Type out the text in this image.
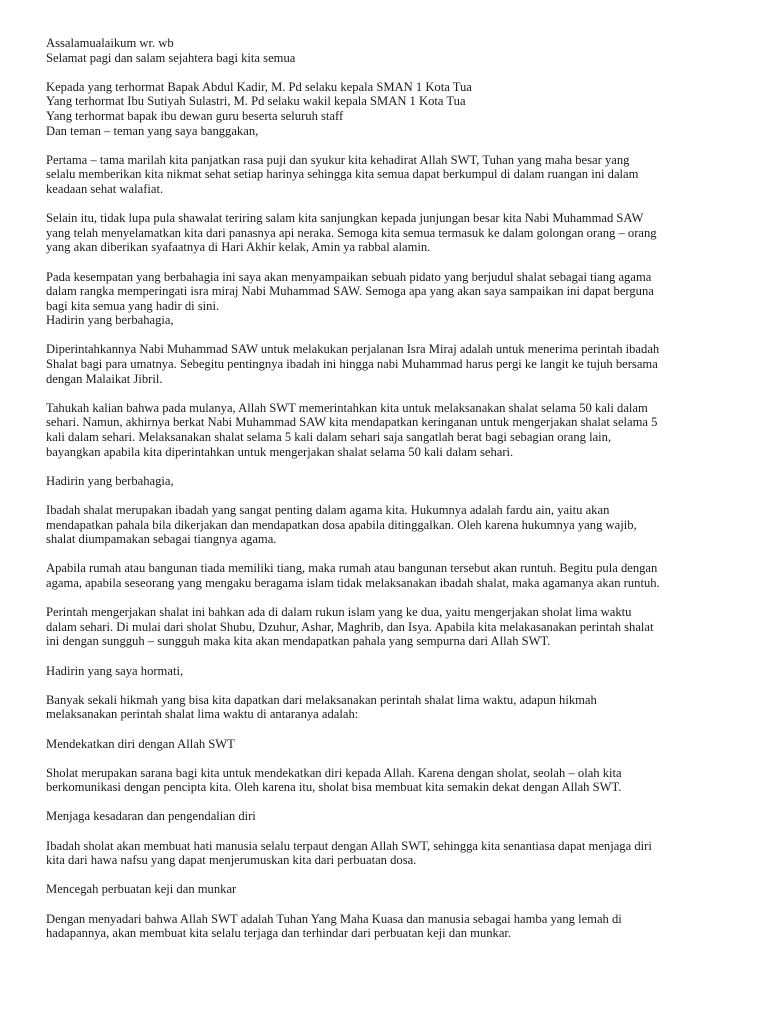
Assalamualaikum wr. wb
Selamat pagi dan salam sejahtera bagi kita semua

Kepada yang terhormat Bapak Abdul Kadir, M. Pd selaku kepala SMAN 1 Kota Tua
Yang terhormat Ibu Sutiyah Sulastri, M. Pd selaku wakil kepala SMAN 1 Kota Tua
Yang terhormat bapak ibu dewan guru beserta seluruh staff
Dan teman – teman yang saya banggakan,

Pertama – tama marilah kita panjatkan rasa puji dan syukur kita kehadirat Allah SWT, Tuhan yang maha besar yang
selalu memberikan kita nikmat sehat setiap harinya sehingga kita semua dapat berkumpul di dalam ruangan ini dalam
keadaan sehat walafiat.

Selain itu, tidak lupa pula shawalat teriring salam kita sanjungkan kepada junjungan besar kita Nabi Muhammad SAW
yang telah menyelamatkan kita dari panasnya api neraka. Semoga kita semua termasuk ke dalam golongan orang – orang
yang akan diberikan syafaatnya di Hari Akhir kelak, Amin ya rabbal alamin.

Pada kesempatan yang berbahagia ini saya akan menyampaikan sebuah pidato yang berjudul shalat sebagai tiang agama
dalam rangka memperingati isra miraj Nabi Muhammad SAW. Semoga apa yang akan saya sampaikan ini dapat berguna
bagi kita semua yang hadir di sini.
Hadirin yang berbahagia,

Diperintahkannya Nabi Muhammad SAW untuk melakukan perjalanan Isra Miraj adalah untuk menerima perintah ibadah
Shalat bagi para umatnya. Sebegitu pentingnya ibadah ini hingga nabi Muhammad harus pergi ke langit ke tujuh bersama
dengan Malaikat Jibril.

Tahukah kalian bahwa pada mulanya, Allah SWT memerintahkan kita untuk melaksanakan shalat selama 50 kali dalam
sehari. Namun, akhirnya berkat Nabi Muhammad SAW kita mendapatkan keringanan untuk mengerjakan shalat selama 5
kali dalam sehari. Melaksanakan shalat selama 5 kali dalam sehari saja sangatlah berat bagi sebagian orang lain,
bayangkan apabila kita diperintahkan untuk mengerjakan shalat selama 50 kali dalam sehari.

Hadirin yang berbahagia,

Ibadah shalat merupakan ibadah yang sangat penting dalam agama kita. Hukumnya adalah fardu ain, yaitu akan
mendapatkan pahala bila dikerjakan dan mendapatkan dosa apabila ditinggalkan. Oleh karena hukumnya yang wajib,
shalat diumpamakan sebagai tiangnya agama.

Apabila rumah atau bangunan tiada memiliki tiang, maka rumah atau bangunan tersebut akan runtuh. Begitu pula dengan
agama, apabila seseorang yang mengaku beragama islam tidak melaksanakan ibadah shalat, maka agamanya akan runtuh.

Perintah mengerjakan shalat ini bahkan ada di dalam rukun islam yang ke dua, yaitu mengerjakan sholat lima waktu
dalam sehari. Di mulai dari sholat Shubu, Dzuhur, Ashar, Maghrib, dan Isya. Apabila kita melakasanakan perintah shalat
ini dengan sungguh – sungguh maka kita akan mendapatkan pahala yang sempurna dari Allah SWT.

Hadirin yang saya hormati,

Banyak sekali hikmah yang bisa kita dapatkan dari melaksanakan perintah shalat lima waktu, adapun hikmah
melaksanakan perintah shalat lima waktu di antaranya adalah:

Mendekatkan diri dengan Allah SWT

Sholat merupakan sarana bagi kita untuk mendekatkan diri kepada Allah. Karena dengan sholat, seolah – olah kita
berkomunikasi dengan pencipta kita. Oleh karena itu, sholat bisa membuat kita semakin dekat dengan Allah SWT.

Menjaga kesadaran dan pengendalian diri

Ibadah sholat akan membuat hati manusia selalu terpaut dengan Allah SWT, sehingga kita senantiasa dapat menjaga diri
kita dari hawa nafsu yang dapat menjerumuskan kita dari perbuatan dosa.

Mencegah perbuatan keji dan munkar

Dengan menyadari bahwa Allah SWT adalah Tuhan Yang Maha Kuasa dan manusia sebagai hamba yang lemah di
hadapannya, akan membuat kita selalu terjaga dan terhindar dari perbuatan keji dan munkar.
